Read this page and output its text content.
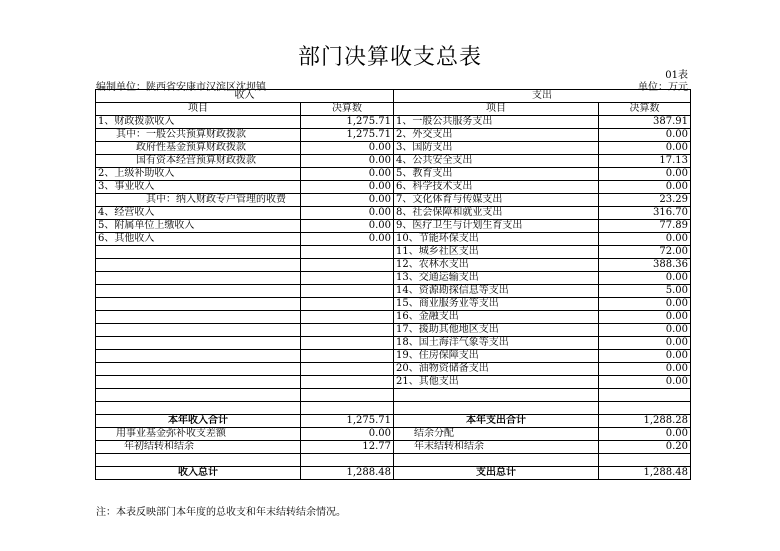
部门决算收支总表
01表
编制单位：陕西省安康市汉滨区沈坝镇	单位：万元
收入		支出	
项目	决算数	项目	决算数
1、财政拨款收入	1,275.71	1、一般公共服务支出	387.91
其中：一般公共预算财政拨款	1,275.71	2、外交支出	0.00
政府性基金预算财政拨款	0.00	3、国防支出	0.00
国有资本经营预算财政拨款	0.00	4、公共安全支出	17.13
2、上级补助收入	0.00	5、教育支出	0.00
3、事业收入	0.00	6、科学技术支出	0.00
其中：纳入财政专户管理的收费	0.00	7、文化体育与传媒支出	23.29
4、经营收入	0.00	8、社会保障和就业支出	316.70
5、附属单位上缴收入	0.00	9、医疗卫生与计划生育支出	77.89
6、其他收入	0.00	10、节能环保支出	0.00
		11、城乡社区支出	72.00
		12、农林水支出	388.36
		13、交通运输支出	0.00
		14、资源勘探信息等支出	5.00
		15、商业服务业等支出	0.00
		16、金融支出	0.00
		17、援助其他地区支出	0.00
		18、国土海洋气象等支出	0.00
		19、住房保障支出	0.00
		20、油物资储备支出	0.00
		21、其他支出	0.00

本年收入合计	1,275.71	本年支出合计	1,288.28
用事业基金弥补收支差额	0.00	结余分配	0.00
年初结转和结余	12.77	年末结转和结余	0.20

收入总计	1,288.48	支出总计	1,288.48
注：本表反映部门本年度的总收支和年末结转结余情况。
